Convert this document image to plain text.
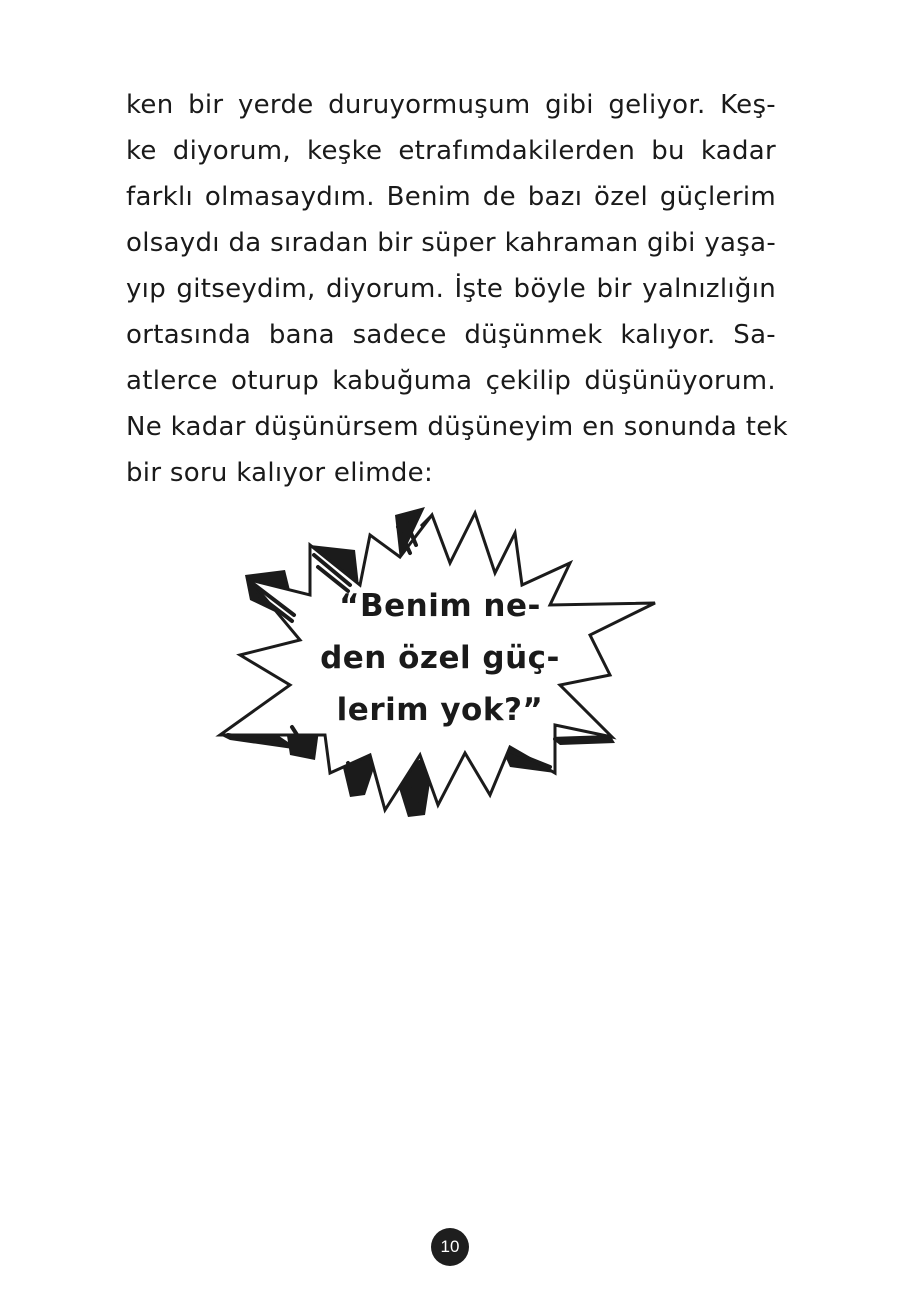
ken bir yerde duruyormuşum gibi geliyor. Keş-
ke diyorum, keşke etrafımdakilerden bu kadar
farklı olmasaydım. Benim de bazı özel güçlerim
olsaydı da sıradan bir süper kahraman gibi yaşa-
yıp gitseydim, diyorum. İşte böyle bir yalnızlığın
ortasında bana sadece düşünmek kalıyor. Sa-
atlerce oturup kabuğuma çekilip düşünüyorum.
Ne kadar düşünürsem düşüneyim en sonunda tek
bir soru kalıyor elimde:

“Benim ne-
den özel güç-
lerim yok?”

10
